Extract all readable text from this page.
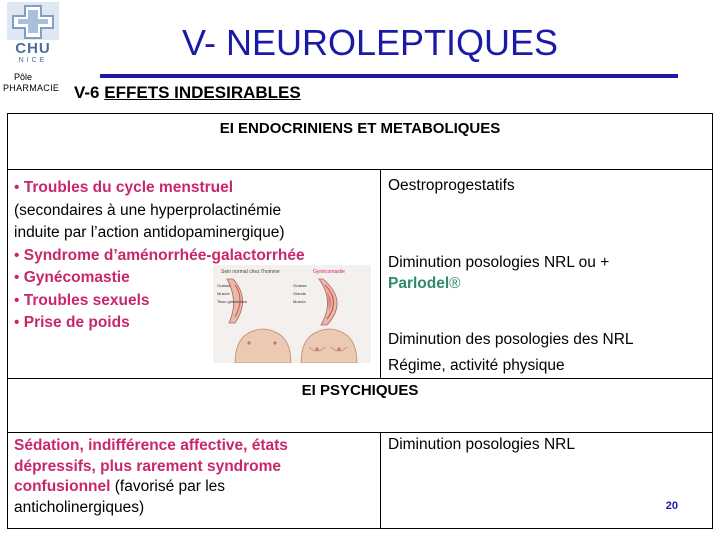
CHU
NICE
Pôle
PHARMACIE
V- NEUROLEPTIQUES
V-6 EFFETS INDESIRABLES
EI ENDOCRINIENS ET METABOLIQUES
• Troubles du cycle menstruel
(secondaires à une hyperprolactinémie
induite par l’action antidopaminergique)
• Syndrome d’aménorrhée-galactorrhée
• Gynécomastie
• Troubles sexuels
• Prise de poids
Sein normal chez l'homme	Gynécomastie
Graisse
Muscle
Tissu glandulaire
Graisse
Glande
Muscle
Oestroprogestatifs
Diminution posologies NRL ou +
Parlodel®
Diminution des posologies des NRL
Régime, activité physique
EI PSYCHIQUES
Sédation, indifférence affective, états
dépressifs, plus rarement syndrome
confusionnel (favorisé par les
anticholinergiques)
Diminution posologies NRL
20
